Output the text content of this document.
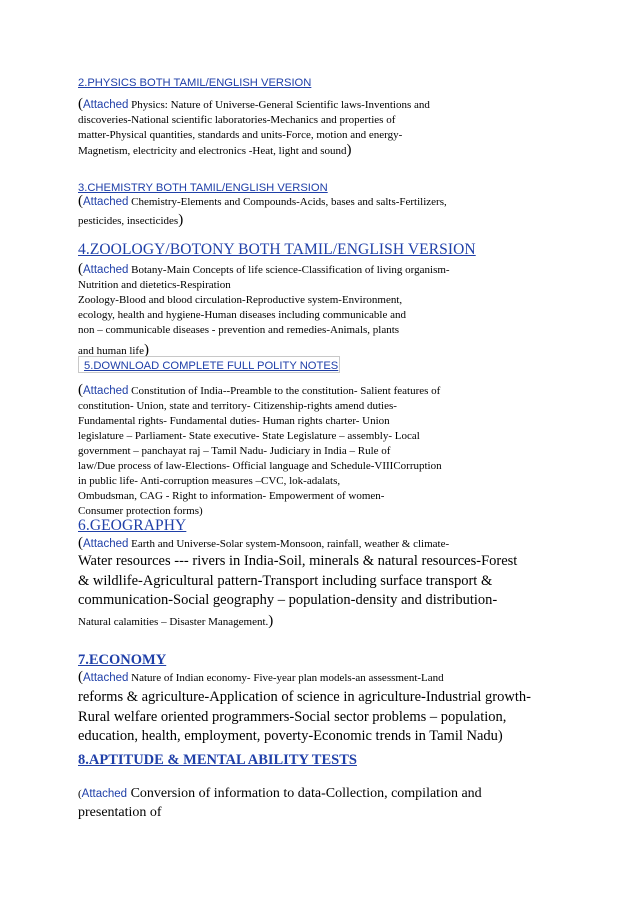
2.PHYSICS BOTH TAMIL/ENGLISH VERSION
(Attached Physics: Nature of Universe-General Scientific laws-Inventions and
discoveries-National scientific laboratories-Mechanics and properties of
matter-Physical quantities, standards and units-Force, motion and energy-
Magnetism, electricity and electronics -Heat, light and sound)
3.CHEMISTRY BOTH TAMIL/ENGLISH VERSION
(Attached Chemistry-Elements and Compounds-Acids, bases and salts-Fertilizers,
pesticides, insecticides)
4.ZOOLOGY/BOTONY BOTH TAMIL/ENGLISH VERSION
(Attached Botany-Main Concepts of life science-Classification of living organism-
Nutrition and dietetics-Respiration
Zoology-Blood and blood circulation-Reproductive system-Environment,
ecology, health and hygiene-Human diseases including communicable and
non – communicable diseases - prevention and remedies-Animals, plants
and human life)
5.DOWNLOAD COMPLETE FULL POLITY NOTES
(Attached Constitution of India--Preamble to the constitution- Salient features of
constitution- Union, state and territory- Citizenship-rights amend duties-
Fundamental rights- Fundamental duties- Human rights charter- Union
legislature – Parliament- State executive- State Legislature – assembly- Local
government – panchayat raj – Tamil Nadu- Judiciary in India – Rule of
law/Due process of law-Elections- Official language and Schedule-VIIICorruption
in public life- Anti-corruption measures –CVC, lok-adalats,
Ombudsman, CAG - Right to information- Empowerment of women-
Consumer protection forms)
6.GEOGRAPHY
(Attached Earth and Universe-Solar system-Monsoon, rainfall, weather & climate-
Water resources --- rivers in India-Soil, minerals & natural resources-Forest
& wildlife-Agricultural pattern-Transport including surface transport &
communication-Social geography – population-density and distribution-
Natural calamities – Disaster Management.)
7.ECONOMY
(Attached Nature of Indian economy- Five-year plan models-an assessment-Land
reforms & agriculture-Application of science in agriculture-Industrial growth-
Rural welfare oriented programmers-Social sector problems – population,
education, health, employment, poverty-Economic trends in Tamil Nadu)
8.APTITUDE & MENTAL ABILITY TESTS
(Attached Conversion of information to data-Collection, compilation and
presentation of
